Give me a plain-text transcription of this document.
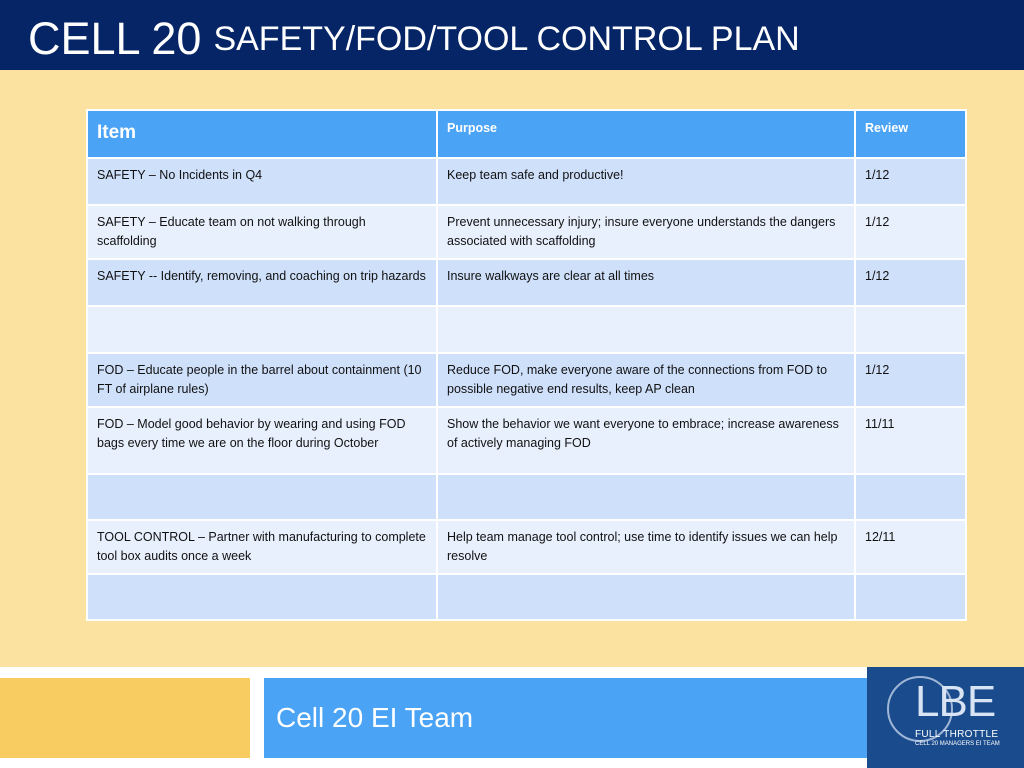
CELL 20 SAFETY/FOD/TOOL CONTROL PLAN
Item	Purpose	Review
SAFETY – No Incidents in Q4	Keep team safe and productive!	1/12
SAFETY – Educate team on not walking through scaffolding	Prevent unnecessary injury; insure everyone understands the dangers associated with scaffolding	1/12
SAFETY -- Identify, removing, and coaching on trip hazards	Insure walkways are clear at all times	1/12

FOD – Educate people in the barrel about containment (10 FT of airplane rules)	Reduce FOD, make everyone aware of the connections from FOD to possible negative end results, keep AP clean	1/12
FOD – Model good behavior by wearing and using FOD bags every time we are on the floor during October	Show the behavior we want everyone to embrace; increase awareness of actively managing FOD	11/11

TOOL CONTROL – Partner with manufacturing to complete tool box audits once a week	Help team manage tool control; use time to identify issues we can help resolve	12/11

Cell 20 EI Team	LBE
FULL THROTTLE
CELL 20 MANAGERS EI TEAM
